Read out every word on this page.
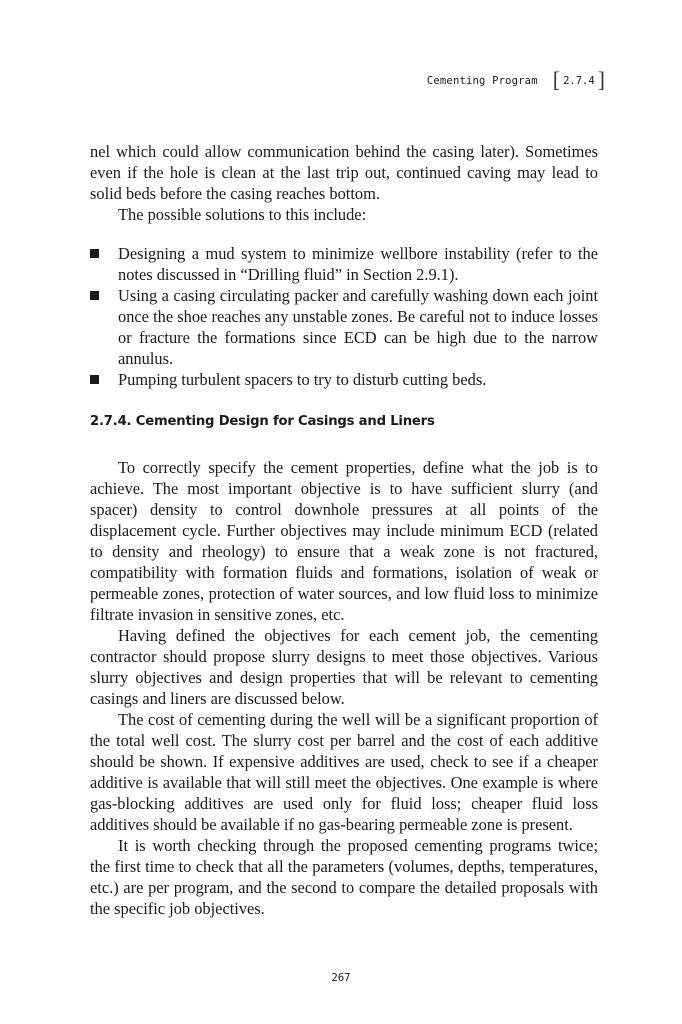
Cementing Program [ 2.7.4 ]

nel which could allow communication behind the casing later). Sometimes even if the hole is clean at the last trip out, continued caving may lead to solid beds before the casing reaches bottom.

The possible solutions to this include:

Designing a mud system to minimize wellbore instability (refer to the notes discussed in “Drilling fluid” in Section 2.9.1).

Using a casing circulating packer and carefully washing down each joint once the shoe reaches any unstable zones. Be careful not to induce losses or fracture the formations since ECD can be high due to the narrow annulus.

Pumping turbulent spacers to try to disturb cutting beds.

2.7.4. Cementing Design for Casings and Liners

To correctly specify the cement properties, define what the job is to achieve. The most important objective is to have sufficient slurry (and spacer) density to control downhole pressures at all points of the displacement cycle. Further objectives may include minimum ECD (related to density and rheology) to ensure that a weak zone is not fractured, compatibility with formation fluids and formations, isolation of weak or permeable zones, protection of water sources, and low fluid loss to minimize filtrate invasion in sensitive zones, etc.

Having defined the objectives for each cement job, the cementing contractor should propose slurry designs to meet those objectives. Various slurry objectives and design properties that will be relevant to cementing casings and liners are discussed below.

The cost of cementing during the well will be a significant proportion of the total well cost. The slurry cost per barrel and the cost of each additive should be shown. If expensive additives are used, check to see if a cheaper additive is available that will still meet the objectives. One example is where gas-blocking additives are used only for fluid loss; cheaper fluid loss additives should be available if no gas-bearing permeable zone is present.

It is worth checking through the proposed cementing programs twice; the first time to check that all the parameters (volumes, depths, temperatures, etc.) are per program, and the second to compare the detailed proposals with the specific job objectives.

267
